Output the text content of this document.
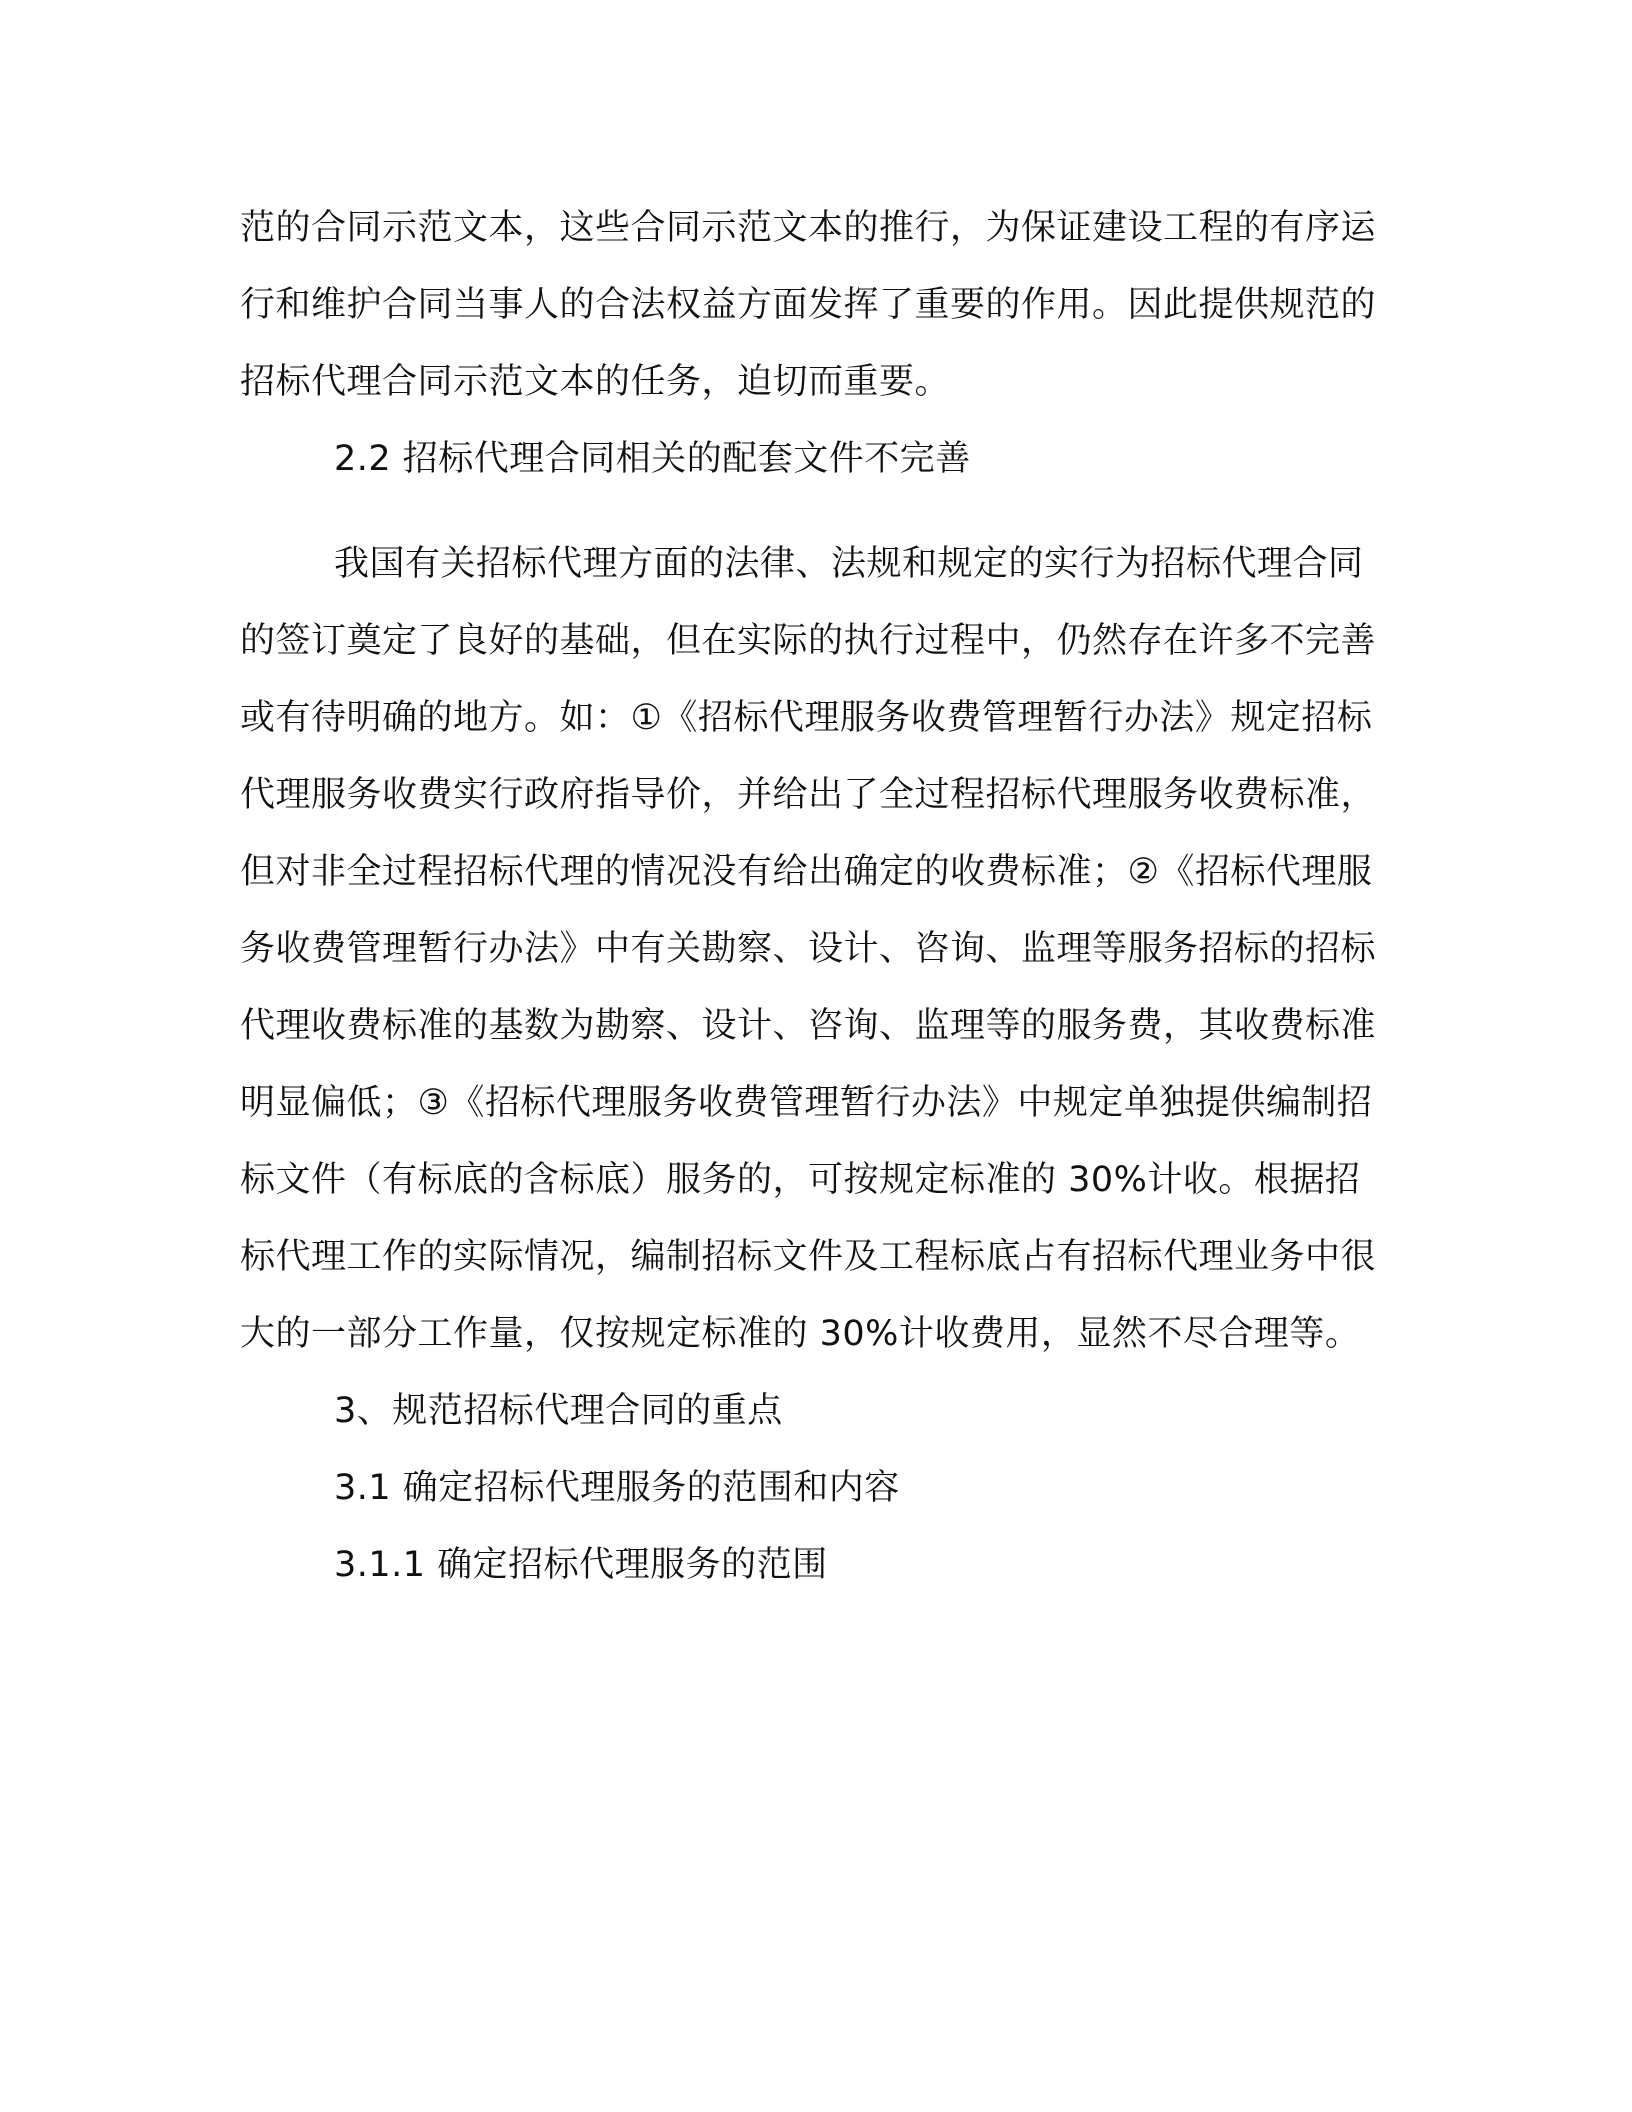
范的合同示范文本，这些合同示范文本的推行，为保证建设工程的有序运行和维护合同当事人的合法权益方面发挥了重要的作用。因此提供规范的招标代理合同示范文本的任务，迫切而重要。

2.2 招标代理合同相关的配套文件不完善

我国有关招标代理方面的法律、法规和规定的实行为招标代理合同的签订奠定了良好的基础，但在实际的执行过程中，仍然存在许多不完善或有待明确的地方。如：①《招标代理服务收费管理暂行办法》规定招标代理服务收费实行政府指导价，并给出了全过程招标代理服务收费标准，但对非全过程招标代理的情况没有给出确定的收费标准；②《招标代理服务收费管理暂行办法》中有关勘察、设计、咨询、监理等服务招标的招标代理收费标准的基数为勘察、设计、咨询、监理等的服务费，其收费标准明显偏低；③《招标代理服务收费管理暂行办法》中规定单独提供编制招标文件（有标底的含标底）服务的，可按规定标准的 30%计收。根据招标代理工作的实际情况，编制招标文件及工程标底占有招标代理业务中很大的一部分工作量，仅按规定标准的 30%计收费用，显然不尽合理等。

3、规范招标代理合同的重点

3.1 确定招标代理服务的范围和内容

3.1.1 确定招标代理服务的范围
